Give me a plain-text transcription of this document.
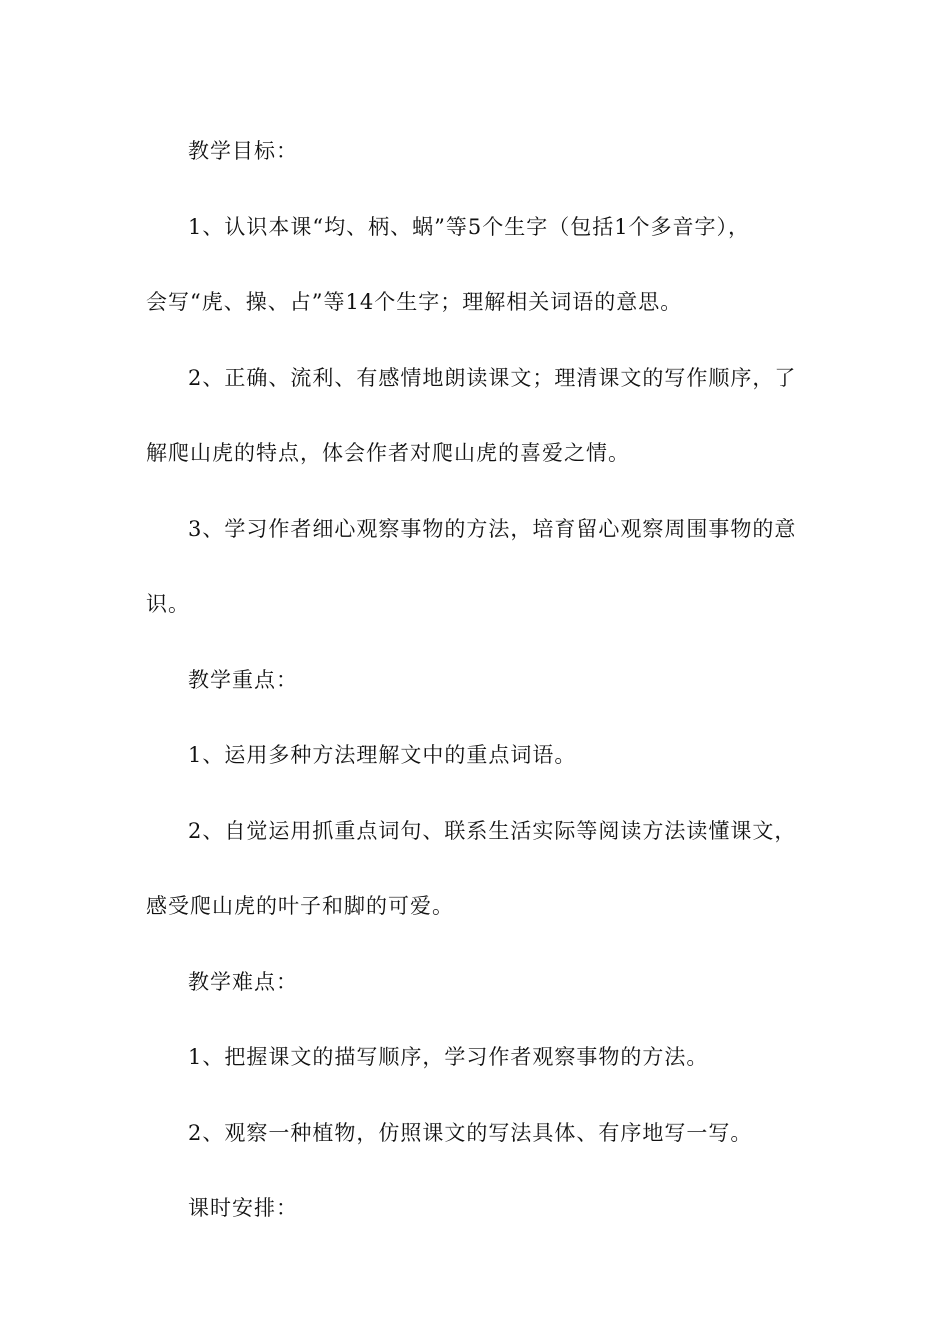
教学目标：
1、认识本课“均、柄、蜗”等5个生字（包括1个多音字），
会写“虎、操、占”等14个生字；理解相关词语的意思。
2、正确、流利、有感情地朗读课文；理清课文的写作顺序，了
解爬山虎的特点，体会作者对爬山虎的喜爱之情。
3、学习作者细心观察事物的方法，培育留心观察周围事物的意
识。
教学重点：
1、运用多种方法理解文中的重点词语。
2、自觉运用抓重点词句、联系生活实际等阅读方法读懂课文，
感受爬山虎的叶子和脚的可爱。
教学难点：
1、把握课文的描写顺序，学习作者观察事物的方法。
2、观察一种植物，仿照课文的写法具体、有序地写一写。
课时安排：
